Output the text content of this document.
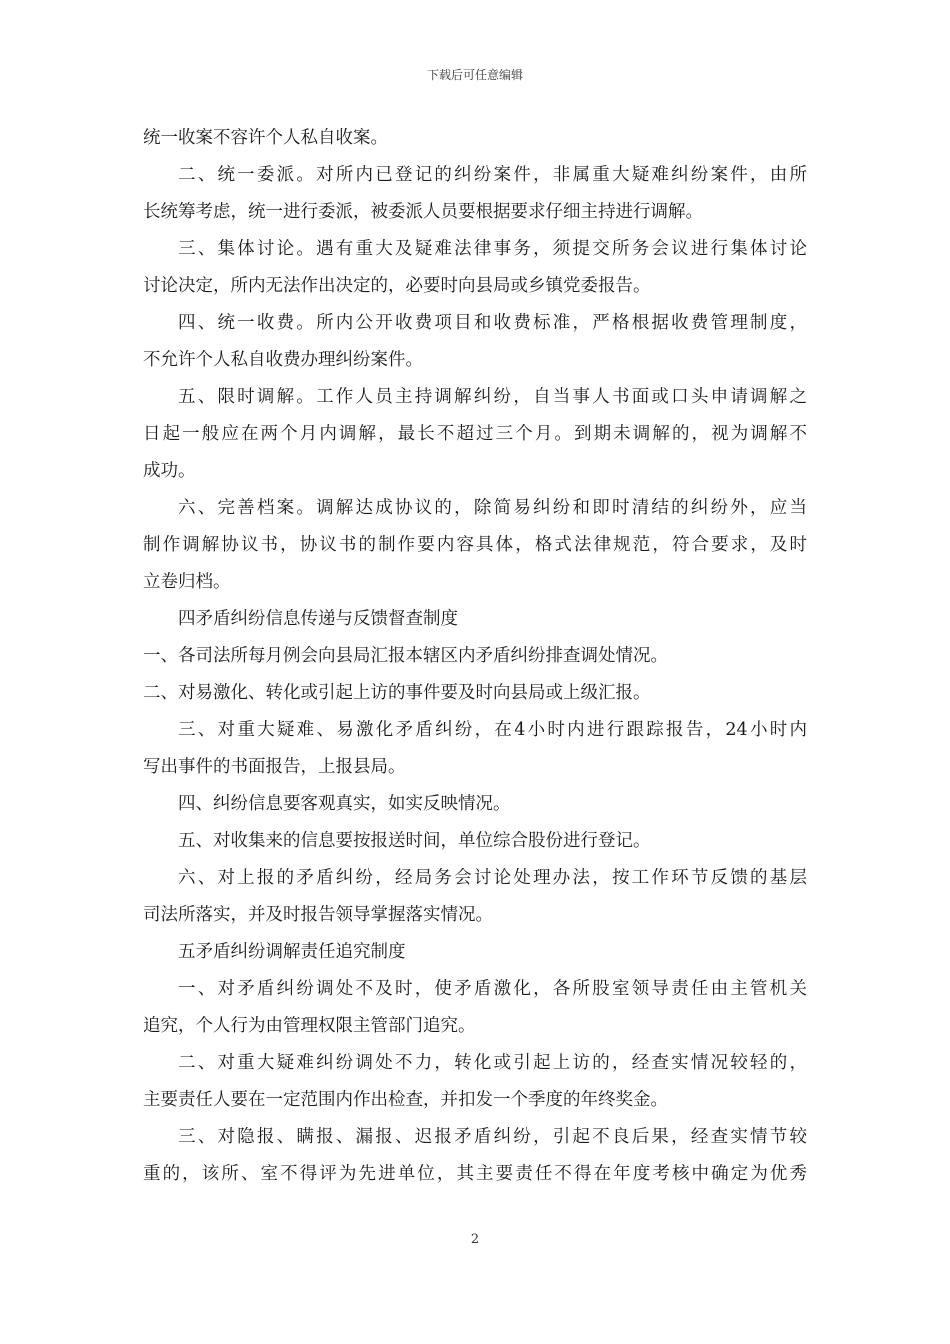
下载后可任意编辑
统一收案不容许个人私自收案。
二、统一委派。对所内已登记的纠纷案件，非属重大疑难纠纷案件，由所
长统筹考虑，统一进行委派，被委派人员要根据要求仔细主持进行调解。
三、集体讨论。遇有重大及疑难法律事务，须提交所务会议进行集体讨论
讨论决定，所内无法作出决定的，必要时向县局或乡镇党委报告。
四、统一收费。所内公开收费项目和收费标准，严格根据收费管理制度，
不允许个人私自收费办理纠纷案件。
五、限时调解。工作人员主持调解纠纷，自当事人书面或口头申请调解之
日起一般应在两个月内调解，最长不超过三个月。到期未调解的，视为调解不
成功。
六、完善档案。调解达成协议的，除简易纠纷和即时清结的纠纷外，应当
制作调解协议书，协议书的制作要内容具体，格式法律规范，符合要求，及时
立卷归档。
四矛盾纠纷信息传递与反馈督查制度
一、各司法所每月例会向县局汇报本辖区内矛盾纠纷排查调处情况。
二、对易激化、转化或引起上访的事件要及时向县局或上级汇报。
三、对重大疑难、易激化矛盾纠纷，在4小时内进行跟踪报告，24小时内
写出事件的书面报告，上报县局。
四、纠纷信息要客观真实，如实反映情况。
五、对收集来的信息要按报送时间，单位综合股份进行登记。
六、对上报的矛盾纠纷，经局务会讨论处理办法，按工作环节反馈的基层
司法所落实，并及时报告领导掌握落实情况。
五矛盾纠纷调解责任追究制度
一、对矛盾纠纷调处不及时，使矛盾激化，各所股室领导责任由主管机关
追究，个人行为由管理权限主管部门追究。
二、对重大疑难纠纷调处不力，转化或引起上访的，经查实情况较轻的，
主要责任人要在一定范围内作出检查，并扣发一个季度的年终奖金。
三、对隐报、瞒报、漏报、迟报矛盾纠纷，引起不良后果，经查实情节较
重的，该所、室不得评为先进单位，其主要责任不得在年度考核中确定为优秀
2
